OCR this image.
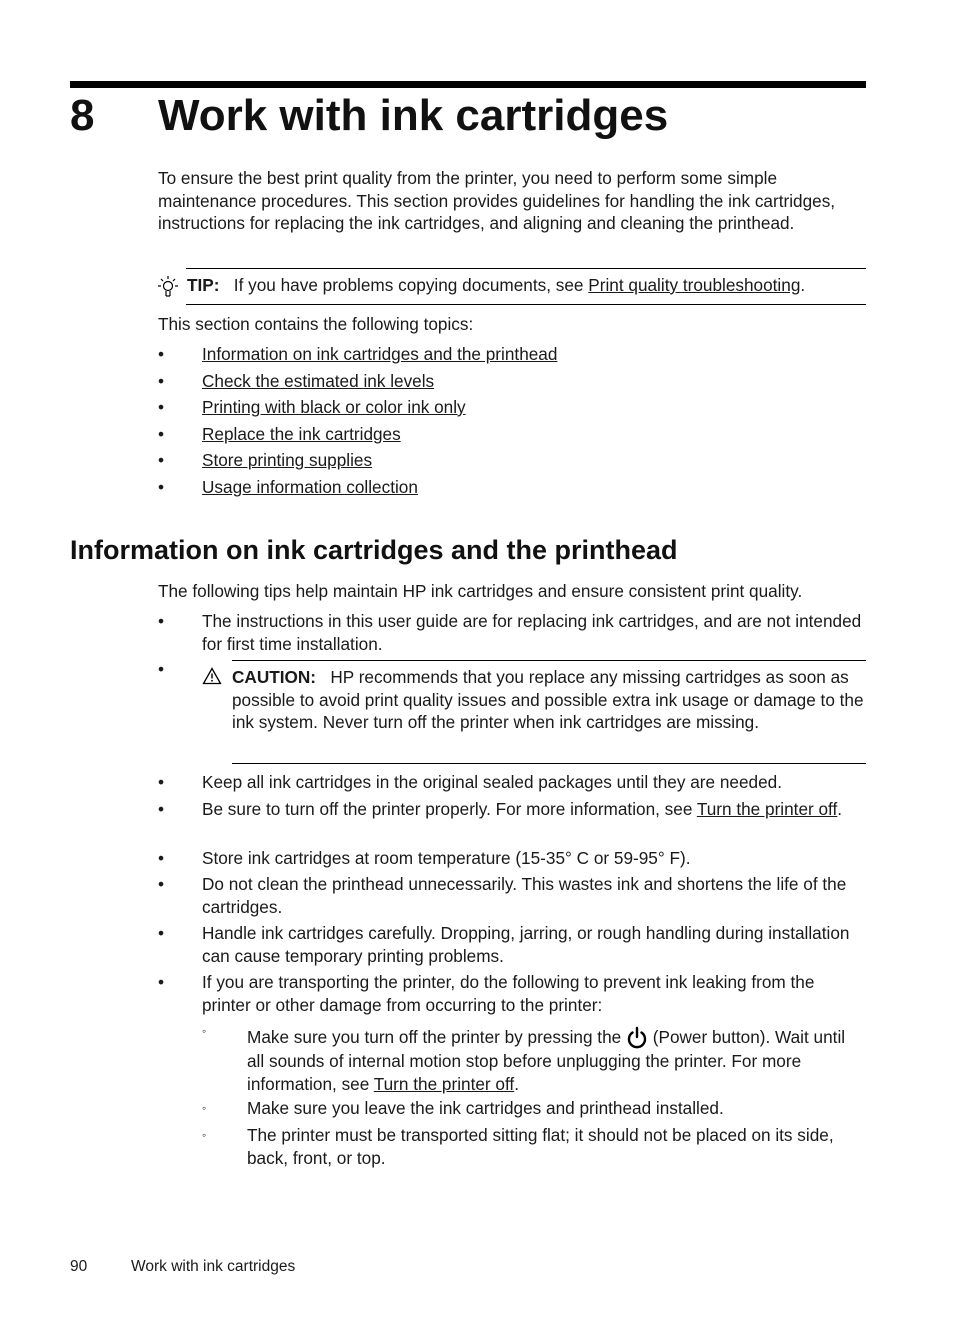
8 Work with ink cartridges
To ensure the best print quality from the printer, you need to perform some simple maintenance procedures. This section provides guidelines for handling the ink cartridges, instructions for replacing the ink cartridges, and aligning and cleaning the printhead.
TIP: If you have problems copying documents, see Print quality troubleshooting.
This section contains the following topics:
• Information on ink cartridges and the printhead
• Check the estimated ink levels
• Printing with black or color ink only
• Replace the ink cartridges
• Store printing supplies
• Usage information collection
Information on ink cartridges and the printhead
The following tips help maintain HP ink cartridges and ensure consistent print quality.
• The instructions in this user guide are for replacing ink cartridges, and are not intended for first time installation.
•	CAUTION: HP recommends that you replace any missing cartridges as soon as possible to avoid print quality issues and possible extra ink usage or damage to the ink system. Never turn off the printer when ink cartridges are missing.
• Keep all ink cartridges in the original sealed packages until they are needed.
• Be sure to turn off the printer properly. For more information, see Turn the printer off.
• Store ink cartridges at room temperature (15-35° C or 59-95° F).
• Do not clean the printhead unnecessarily. This wastes ink and shortens the life of the cartridges.
• Handle ink cartridges carefully. Dropping, jarring, or rough handling during installation can cause temporary printing problems.
• If you are transporting the printer, do the following to prevent ink leaking from the printer or other damage from occurring to the printer:
◦ Make sure you turn off the printer by pressing the (Power button). Wait until all sounds of internal motion stop before unplugging the printer. For more information, see Turn the printer off.
◦ Make sure you leave the ink cartridges and printhead installed.
◦ The printer must be transported sitting flat; it should not be placed on its side, back, front, or top.
90	Work with ink cartridges
